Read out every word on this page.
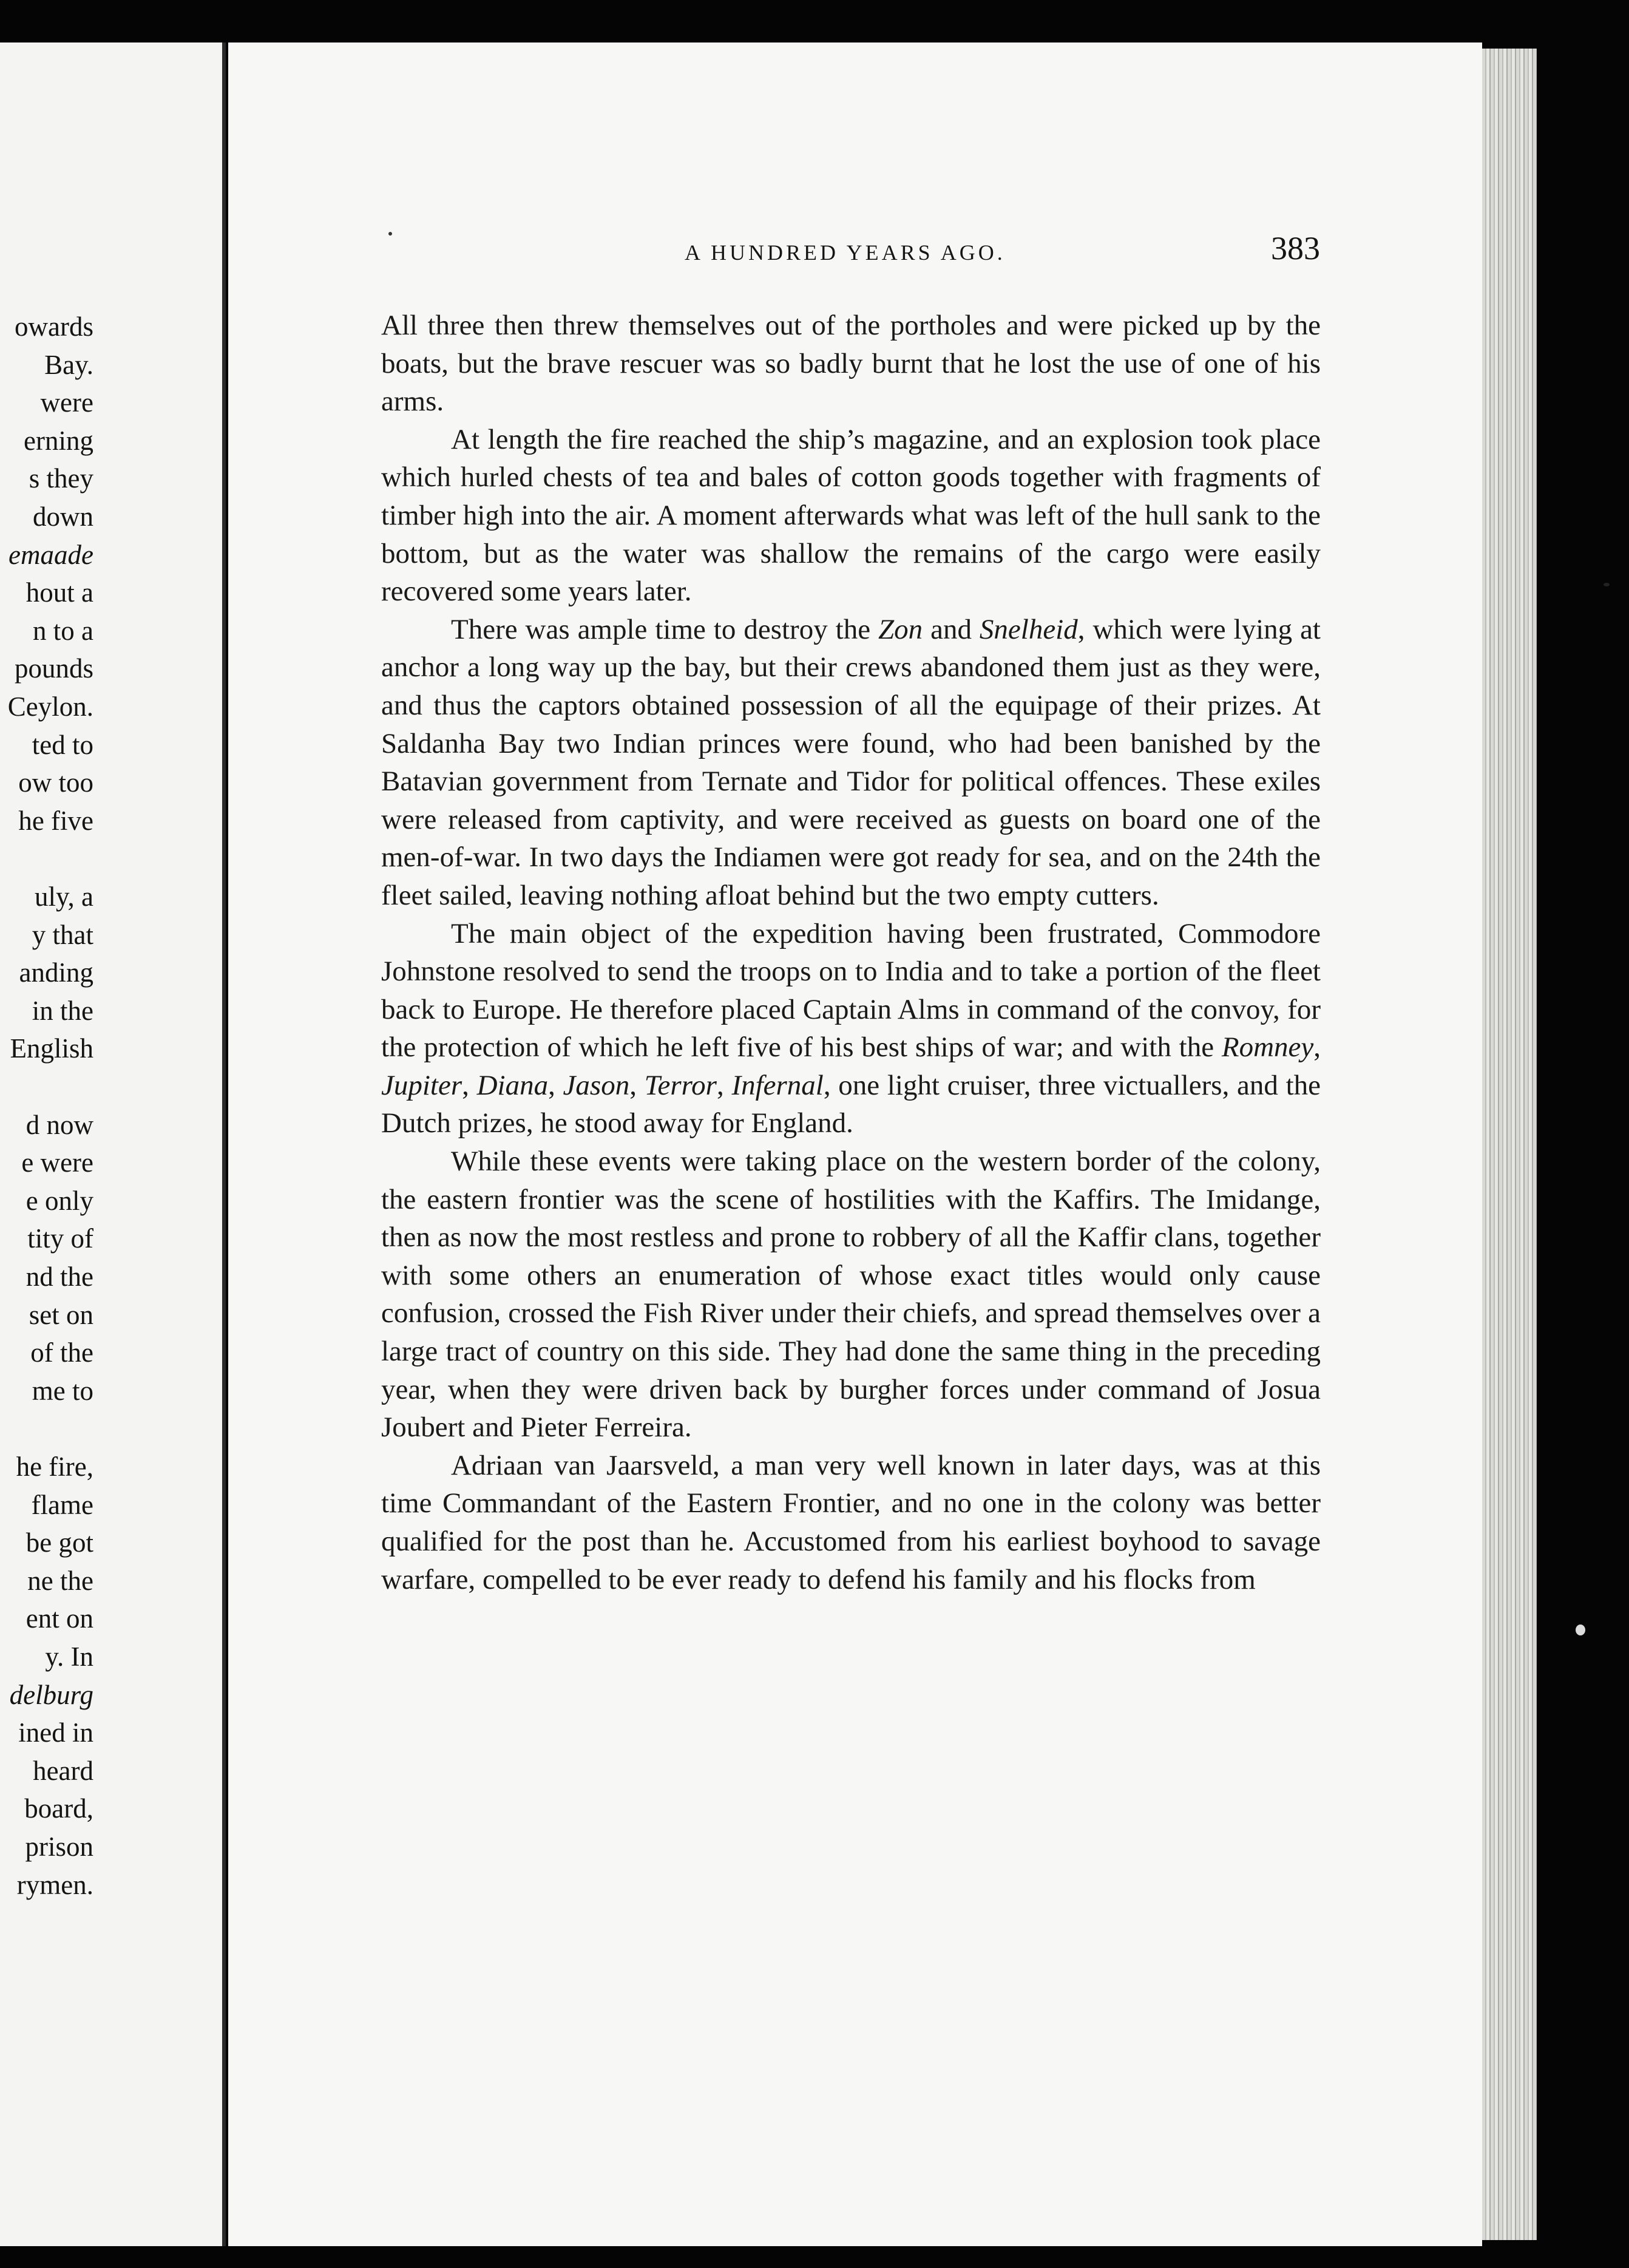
owards
Bay.
were
erning
s they
down
emaade
hout a
n to a
pounds
Ceylon.
ted to
ow too
he five
uly, a
y that
anding
in the
English
d now
e were
e only
tity of
nd the
set on
of the
me to
he fire,
flame
be got
ne the
ent on
y. In
delburg
ined in
heard
board,
prison
rymen.
A HUNDRED YEARS AGO.	383

All three then threw themselves out of the portholes and were picked up by the boats, but the brave rescuer was so badly burnt that he lost the use of one of his arms.

At length the fire reached the ship’s magazine, and an explosion took place which hurled chests of tea and bales of cotton goods together with fragments of timber high into the air. A moment afterwards what was left of the hull sank to the bottom, but as the water was shallow the remains of the cargo were easily recovered some years later.

There was ample time to destroy the Zon and Snelheid, which were lying at anchor a long way up the bay, but their crews abandoned them just as they were, and thus the captors obtained possession of all the equipage of their prizes. At Saldanha Bay two Indian princes were found, who had been banished by the Batavian government from Ternate and Tidor for political offences. These exiles were released from captivity, and were received as guests on board one of the men-of-war. In two days the Indiamen were got ready for sea, and on the 24th the fleet sailed, leaving nothing afloat behind but the two empty cutters.

The main object of the expedition having been frustrated, Commodore Johnstone resolved to send the troops on to India and to take a portion of the fleet back to Europe. He therefore placed Captain Alms in command of the convoy, for the protection of which he left five of his best ships of war; and with the Romney, Jupiter, Diana, Jason, Terror, Infernal, one light cruiser, three victuallers, and the Dutch prizes, he stood away for England.

While these events were taking place on the western border of the colony, the eastern frontier was the scene of hostilities with the Kaffirs. The Imidange, then as now the most restless and prone to robbery of all the Kaffir clans, together with some others an enumeration of whose exact titles would only cause confusion, crossed the Fish River under their chiefs, and spread themselves over a large tract of country on this side. They had done the same thing in the preceding year, when they were driven back by burgher forces under command of Josua Joubert and Pieter Ferreira.

Adriaan van Jaarsveld, a man very well known in later days, was at this time Commandant of the Eastern Frontier, and no one in the colony was better qualified for the post than he. Accustomed from his earliest boyhood to savage warfare, compelled to be ever ready to defend his family and his flocks from
